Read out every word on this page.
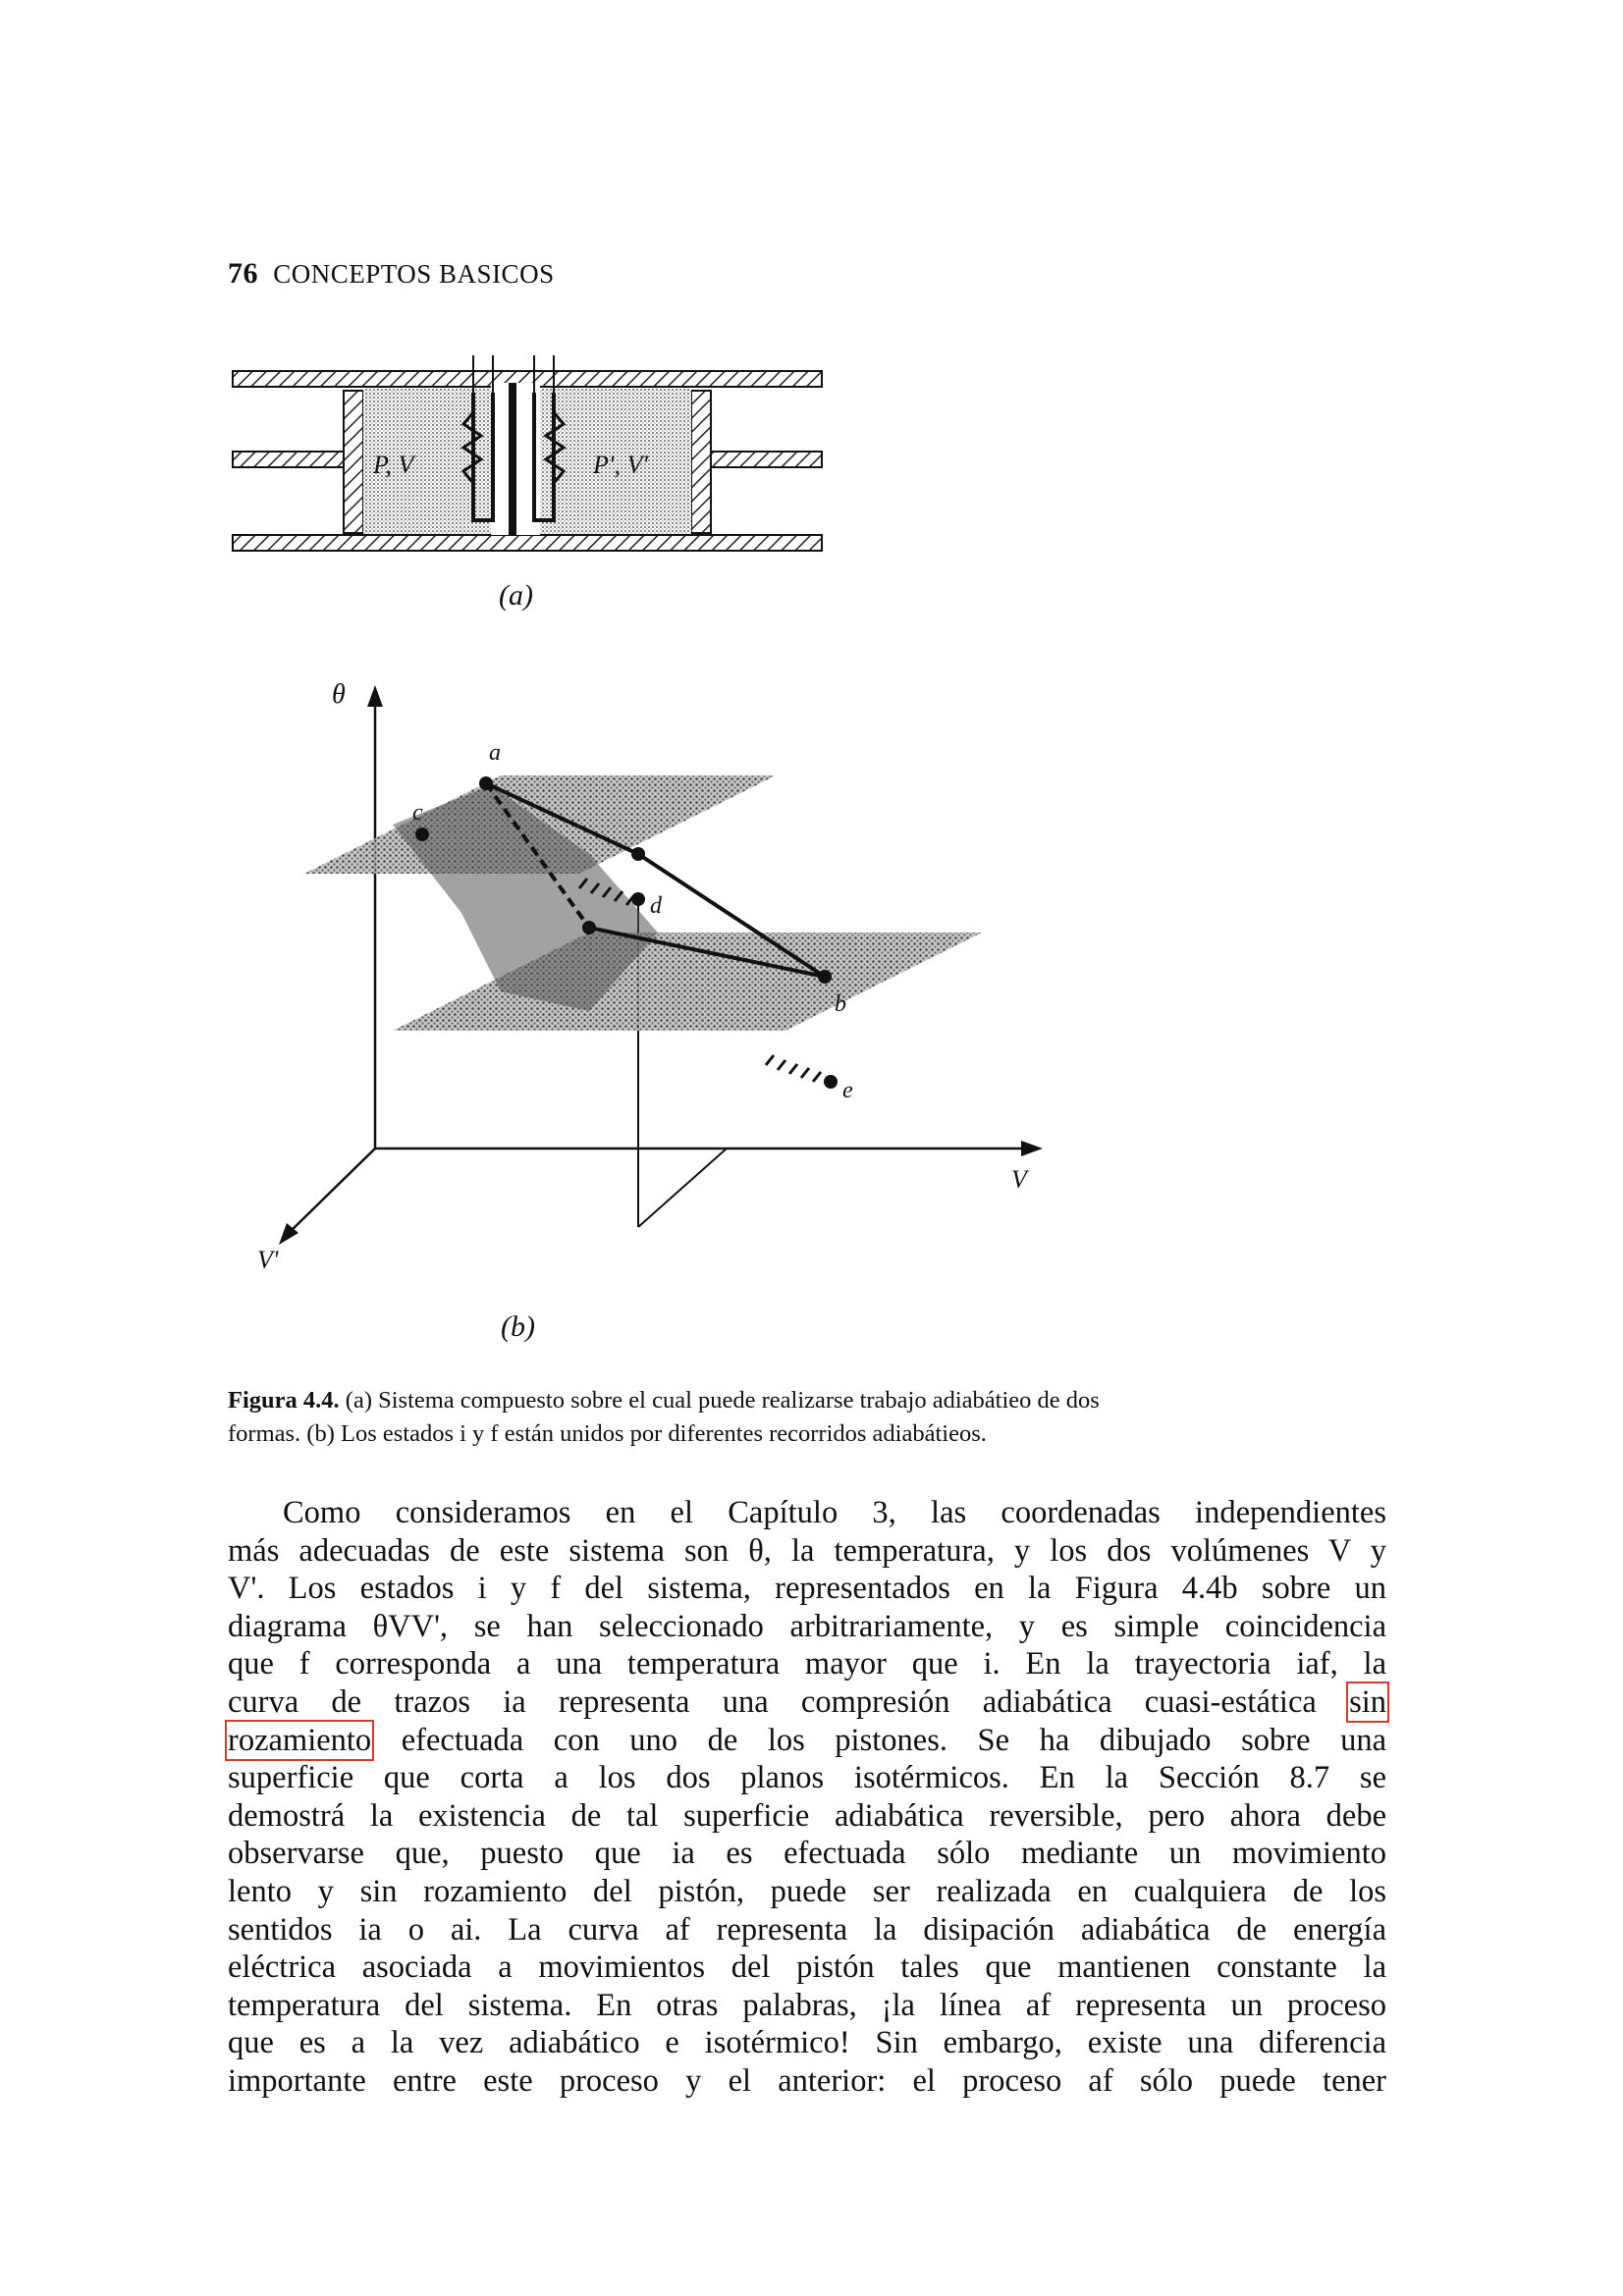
76 CONCEPTOS BASICOS
P, V	P', V'
(a)
θ
V
V'
a
c
d
b
e
(b)
Figura 4.4. (a) Sistema compuesto sobre el cual puede realizarse trabajo adiabátieo de dos
formas. (b) Los estados i y f están unidos por diferentes recorridos adiabátieos.
Como consideramos en el Capítulo 3, las coordenadas independientes
más adecuadas de este sistema son θ, la temperatura, y los dos volúmenes V y
V'. Los estados i y f del sistema, representados en la Figura 4.4b sobre un
diagrama θVV', se han seleccionado arbitrariamente, y es simple coincidencia
que f corresponda a una temperatura mayor que i. En la trayectoria iaf, la
curva de trazos ia representa una compresión adiabática cuasi-estática sin
rozamiento efectuada con uno de los pistones. Se ha dibujado sobre una
superficie que corta a los dos planos isotérmicos. En la Sección 8.7 se
demostrá la existencia de tal superficie adiabática reversible, pero ahora debe
observarse que, puesto que ia es efectuada sólo mediante un movimiento
lento y sin rozamiento del pistón, puede ser realizada en cualquiera de los
sentidos ia o ai. La curva af representa la disipación adiabática de energía
eléctrica asociada a movimientos del pistón tales que mantienen constante la
temperatura del sistema. En otras palabras, ¡la línea af representa un proceso
que es a la vez adiabático e isotérmico! Sin embargo, existe una diferencia
importante entre este proceso y el anterior: el proceso af sólo puede tener
